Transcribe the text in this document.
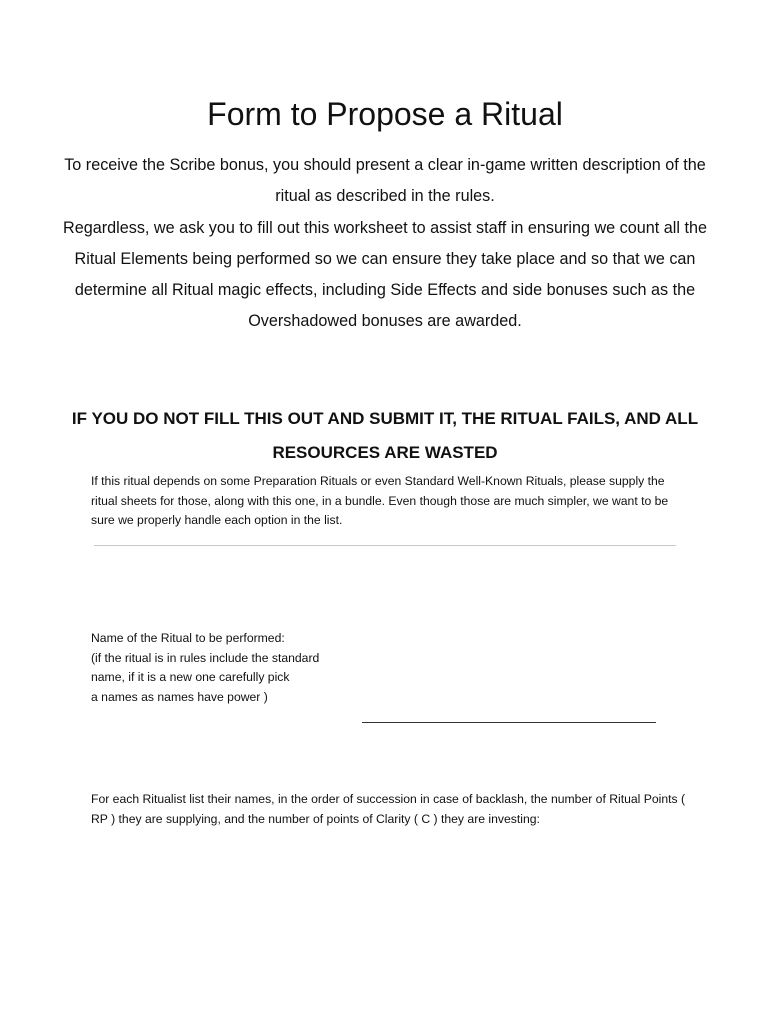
Form to Propose a Ritual

To receive the Scribe bonus, you should present a clear in-game written description of the ritual as described in the rules.

Regardless, we ask you to fill out this worksheet to assist staff in ensuring we count all the Ritual Elements being performed so we can ensure they take place and so that we can determine all Ritual magic effects, including Side Effects and side bonuses such as the Overshadowed bonuses are awarded.

IF YOU DO NOT FILL THIS OUT AND SUBMIT IT, THE RITUAL FAILS, AND ALL RESOURCES ARE WASTED

If this ritual depends on some Preparation Rituals or even Standard Well-Known Rituals, please supply the ritual sheets for those, along with this one, in a bundle. Even though those are much simpler, we want to be sure we properly handle each option in the list.

Name of the Ritual to be performed:
(if the ritual is in rules include the standard
name, if it is a new one carefully pick
a names as names have power )

For each Ritualist list their names, in the order of succession in case of backlash, the number of Ritual Points ( RP ) they are supplying, and the number of points of Clarity ( C ) they are investing:
